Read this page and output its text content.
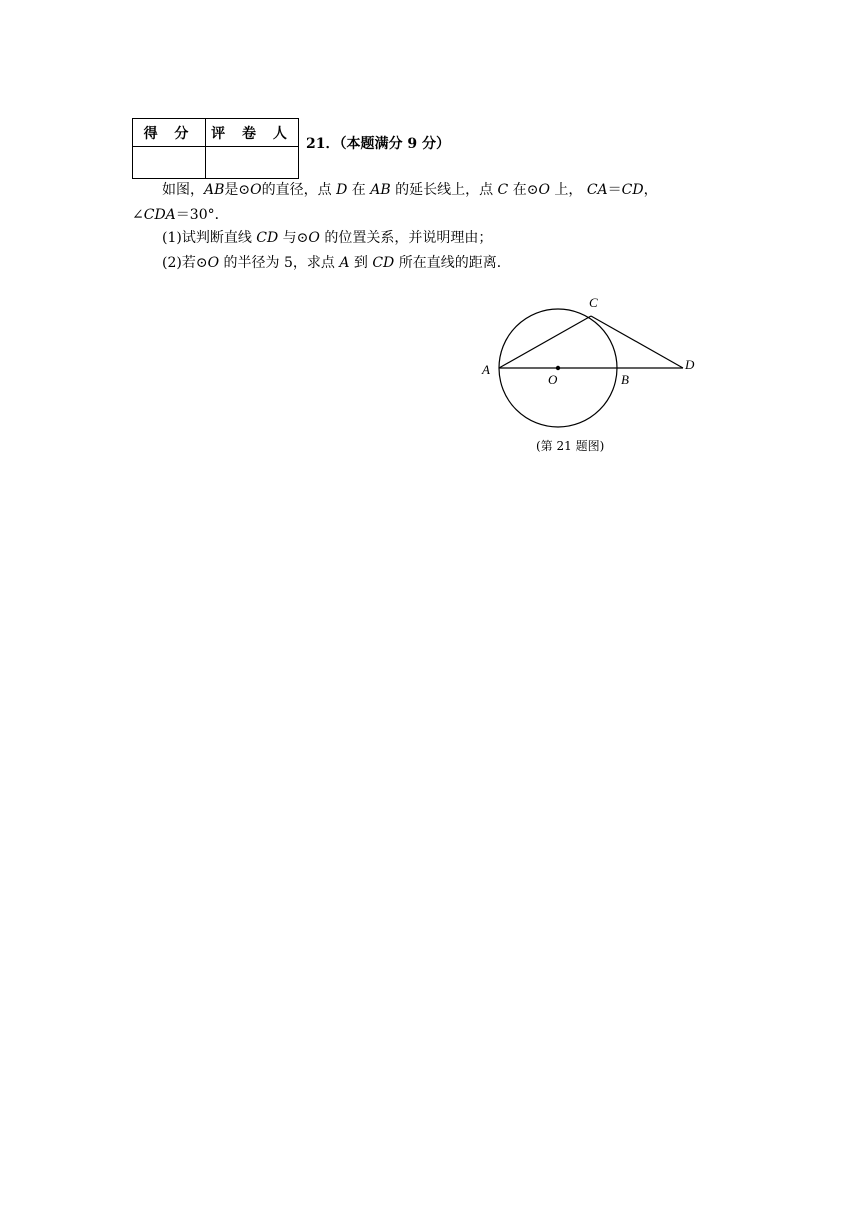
得 分	评 卷 人

21．（本题满分 9 分）
如图，AB是⊙O的直径，点 D 在 AB 的延长线上，点 C 在⊙O 上， CA＝CD，
∠CDA＝30°．
(1)试判断直线 CD 与⊙O 的位置关系，并说明理由；
(2)若⊙O 的半径为 5，求点 A 到 CD 所在直线的距离．
A
C
D
O	B
(第 21 题图)
